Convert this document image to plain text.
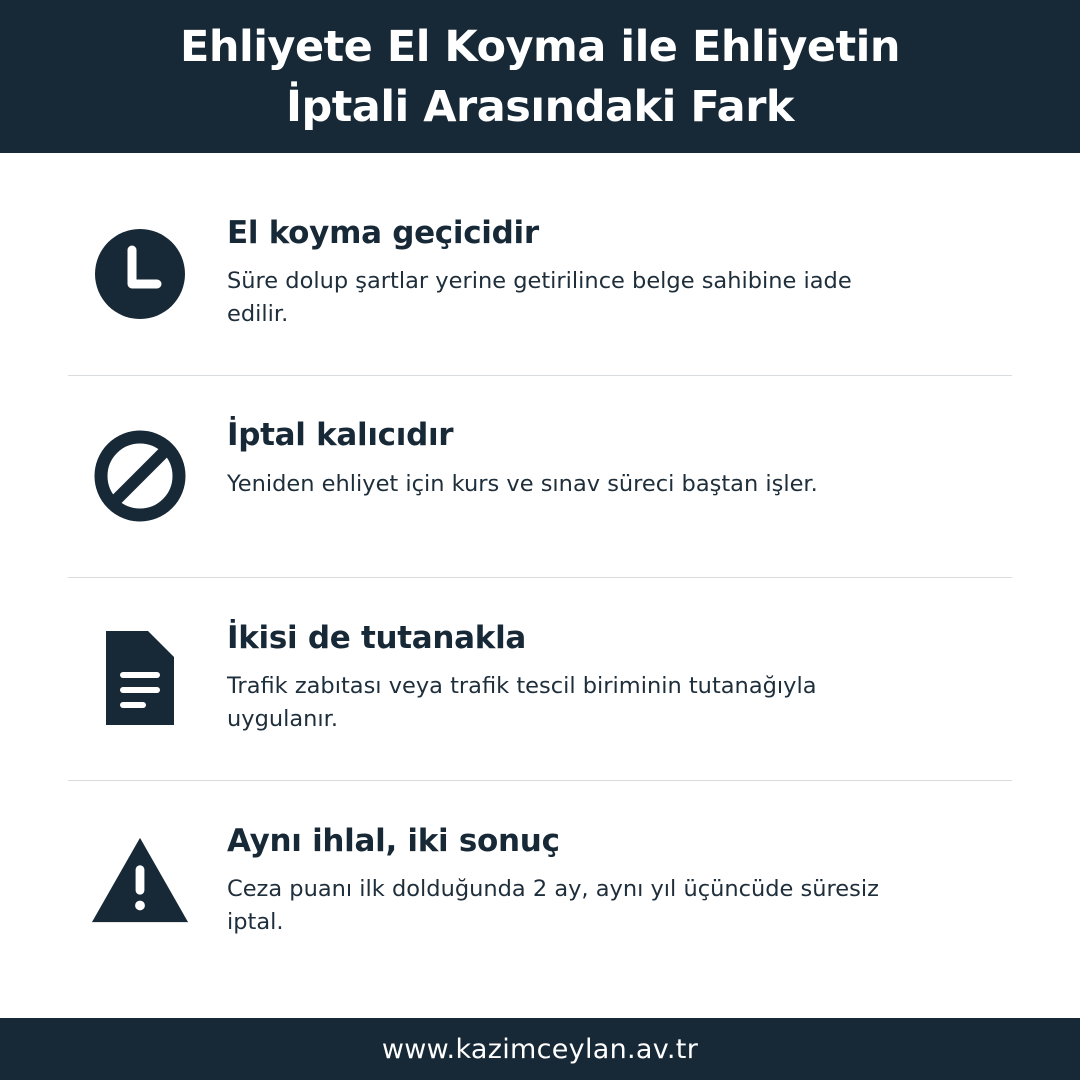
Ehliyete El Koyma ile Ehliyetin
İptali Arasındaki Fark
El koyma geçicidir
Süre dolup şartlar yerine getirilince belge sahibine iade edilir.
İptal kalıcıdır
Yeniden ehliyet için kurs ve sınav süreci baştan işler.
İkisi de tutanakla
Trafik zabıtası veya trafik tescil biriminin tutanağıyla uygulanır.
Aynı ihlal, iki sonuç
Ceza puanı ilk dolduğunda 2 ay, aynı yıl üçüncüde süresiz iptal.
www.kazimceylan.av.tr
